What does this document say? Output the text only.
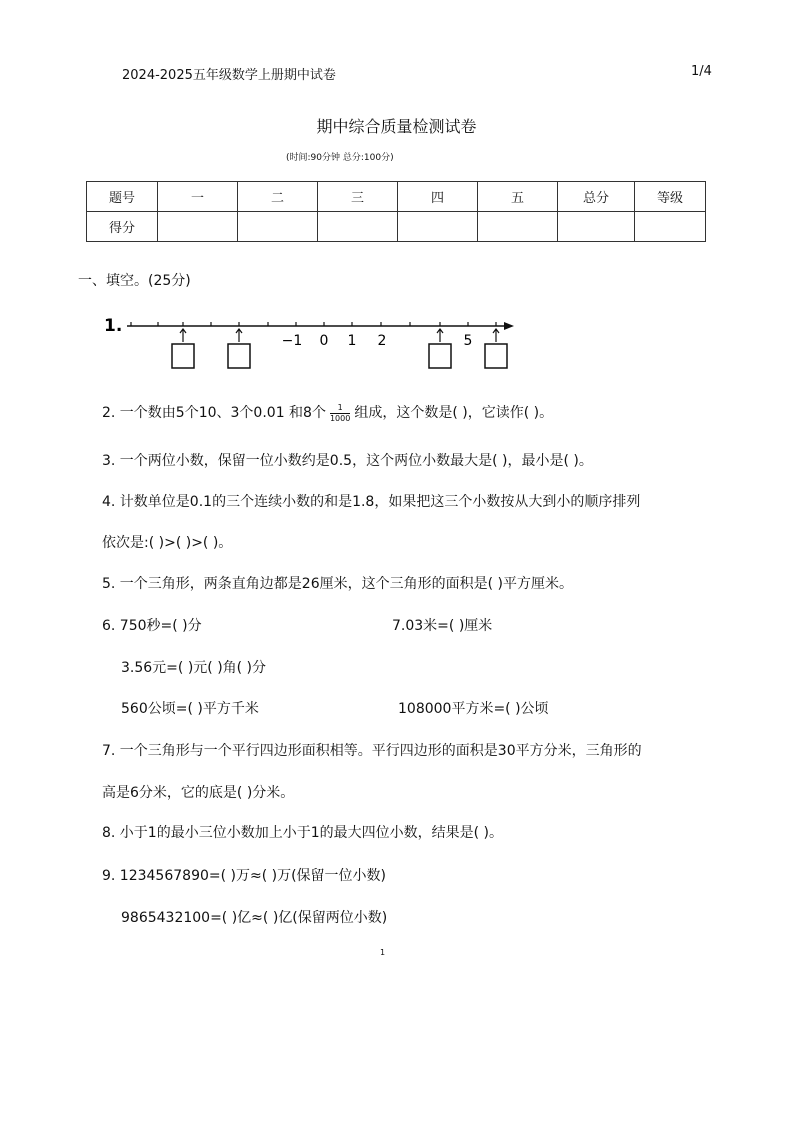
2024-2025五年级数学上册期中试卷	1/4
期中综合质量检测试卷
(时间:90分钟 总分:100分)
题号	一	二	三	四	五	总分	等级
得分							
一、填空。(25分)
1.
−1 0 1 2	5
2. 一个数由5个10、3个0.01 和8个 $\frac{1}{1000}$ 组成，这个数是( )，它读作( )。
3. 一个两位小数，保留一位小数约是0.5，这个两位小数最大是( )，最小是( )。
4. 计数单位是0.1的三个连续小数的和是1.8，如果把这三个小数按从大到小的顺序排列
依次是:( )>( )>( )。
5. 一个三角形，两条直角边都是26厘米，这个三角形的面积是( )平方厘米。
6. 750秒=( )分	7.03米=( )厘米
3.56元=( )元( )角( )分
560公顷=( )平方千米	108000平方米=( )公顷
7. 一个三角形与一个平行四边形面积相等。平行四边形的面积是30平方分米，三角形的
高是6分米，它的底是( )分米。
8. 小于1的最小三位小数加上小于1的最大四位小数，结果是( )。
9. 1234567890=( )万≈( )万(保留一位小数)
9865432100=( )亿≈( )亿(保留两位小数)
1
